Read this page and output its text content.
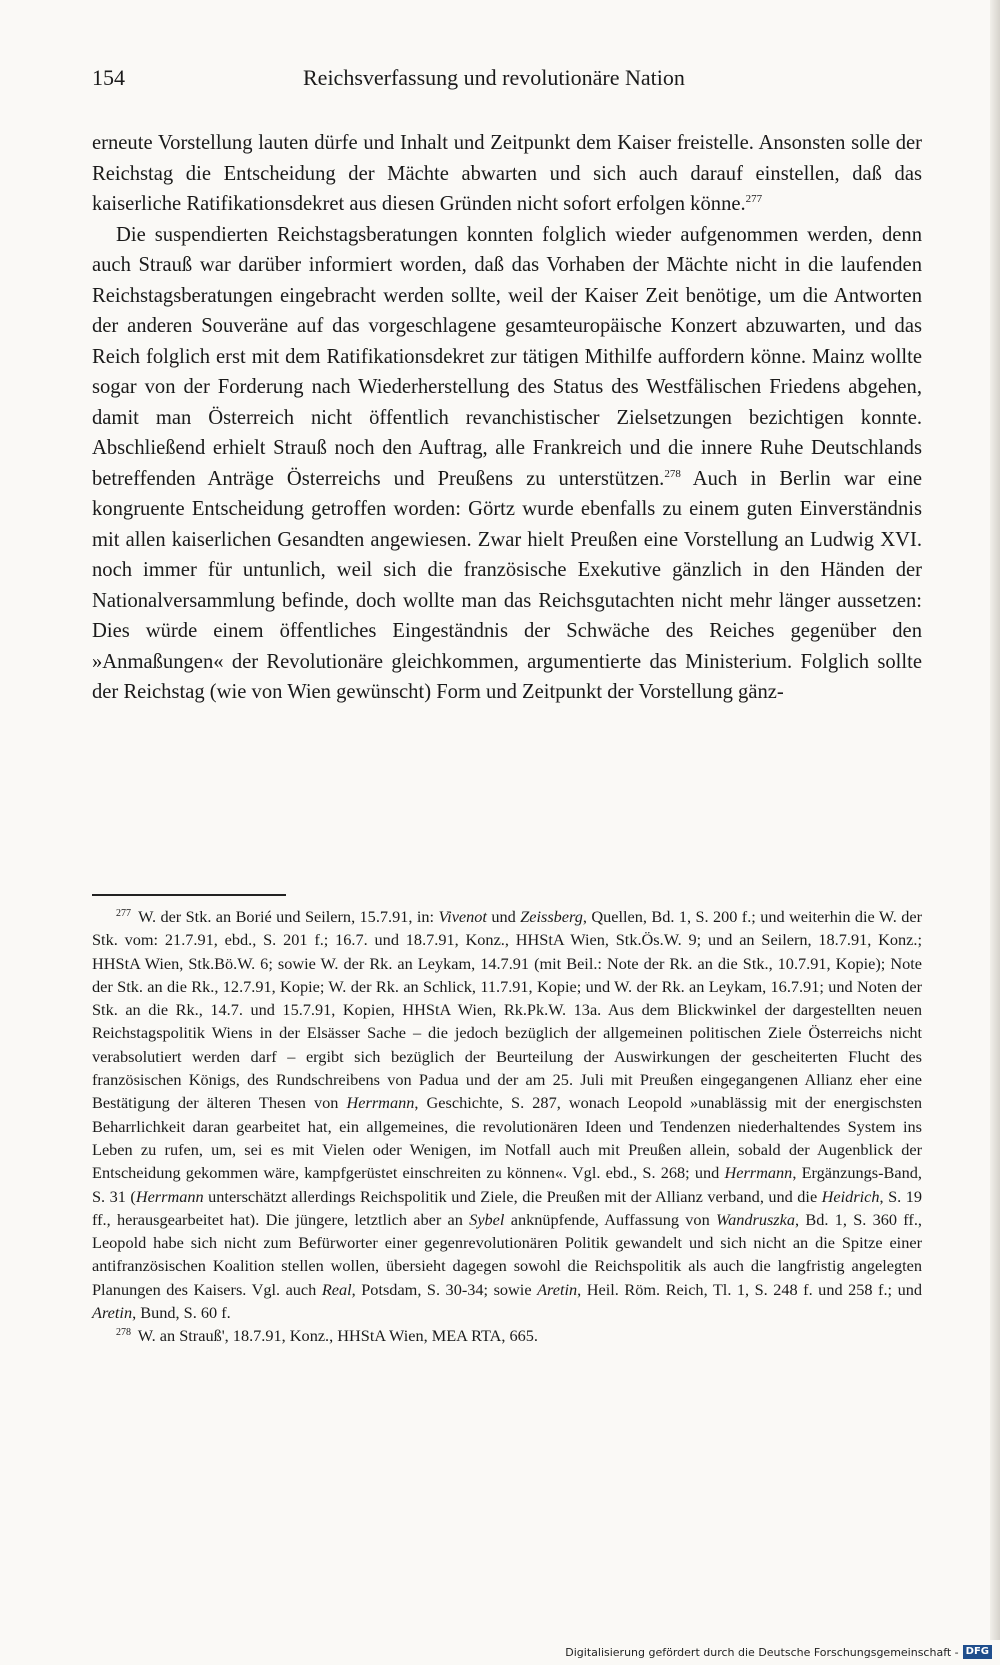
154	Reichsverfassung und revolutionäre Nation

erneute Vorstellung lauten dürfe und Inhalt und Zeitpunkt dem Kaiser freistelle. Ansonsten solle der Reichstag die Entscheidung der Mächte abwarten und sich auch darauf einstellen, daß das kaiserliche Ratifikationsdekret aus diesen Gründen nicht sofort erfolgen könne.$^{277}$

Die suspendierten Reichstagsberatungen konnten folglich wieder aufgenommen werden, denn auch Strauß war darüber informiert worden, daß das Vorhaben der Mächte nicht in die laufenden Reichstagsberatungen eingebracht werden sollte, weil der Kaiser Zeit benötige, um die Antworten der anderen Souveräne auf das vorgeschlagene gesamteuropäische Konzert abzuwarten, und das Reich folglich erst mit dem Ratifikationsdekret zur tätigen Mithilfe auffordern könne. Mainz wollte sogar von der Forderung nach Wiederherstellung des Status des Westfälischen Friedens abgehen, damit man Österreich nicht öffentlich revanchistischer Zielsetzungen bezichtigen konnte. Abschließend erhielt Strauß noch den Auftrag, alle Frankreich und die innere Ruhe Deutschlands betreffenden Anträge Österreichs und Preußens zu unterstützen.$^{278}$ Auch in Berlin war eine kongruente Entscheidung getroffen worden: Görtz wurde ebenfalls zu einem guten Einverständnis mit allen kaiserlichen Gesandten angewiesen. Zwar hielt Preußen eine Vorstellung an Ludwig XVI. noch immer für untunlich, weil sich die französische Exekutive gänzlich in den Händen der Nationalversammlung befinde, doch wollte man das Reichsgutachten nicht mehr länger aussetzen: Dies würde einem öffentliches Eingeständnis der Schwäche des Reiches gegenüber den »Anmaßungen« der Revolutionäre gleichkommen, argumentierte das Ministerium. Folglich sollte der Reichstag (wie von Wien gewünscht) Form und Zeitpunkt der Vorstellung gänz-

$^{277}$ W. der Stk. an Borié und Seilern, 15.7.91, in: Vivenot und Zeissberg, Quellen, Bd. 1, S. 200 f.; und weiterhin die W. der Stk. vom: 21.7.91, ebd., S. 201 f.; 16.7. und 18.7.91, Konz., HHStA Wien, Stk.Ös.W. 9; und an Seilern, 18.7.91, Konz.; HHStA Wien, Stk.Bö.W. 6; sowie W. der Rk. an Leykam, 14.7.91 (mit Beil.: Note der Rk. an die Stk., 10.7.91, Kopie); Note der Stk. an die Rk., 12.7.91, Kopie; W. der Rk. an Schlick, 11.7.91, Kopie; und W. der Rk. an Leykam, 16.7.91; und Noten der Stk. an die Rk., 14.7. und 15.7.91, Kopien, HHStA Wien, Rk.Pk.W. 13a. Aus dem Blickwinkel der dargestellten neuen Reichstagspolitik Wiens in der Elsässer Sache – die jedoch bezüglich der allgemeinen politischen Ziele Österreichs nicht verabsolutiert werden darf – ergibt sich bezüglich der Beurteilung der Auswirkungen der gescheiterten Flucht des französischen Königs, des Rundschreibens von Padua und der am 25. Juli mit Preußen eingegangenen Allianz eher eine Bestätigung der älteren Thesen von Herrmann, Geschichte, S. 287, wonach Leopold »unablässig mit der energischsten Beharrlichkeit daran gearbeitet hat, ein allgemeines, die revolutionären Ideen und Tendenzen niederhaltendes System ins Leben zu rufen, um, sei es mit Vielen oder Wenigen, im Notfall auch mit Preußen allein, sobald der Augenblick der Entscheidung gekommen wäre, kampfgerüstet einschreiten zu können«. Vgl. ebd., S. 268; und Herrmann, Ergänzungs-Band, S. 31 (Herrmann unterschätzt allerdings Reichspolitik und Ziele, die Preußen mit der Allianz verband, und die Heidrich, S. 19 ff., herausgearbeitet hat). Die jüngere, letztlich aber an Sybel anknüpfende, Auffassung von Wandruszka, Bd. 1, S. 360 ff., Leopold habe sich nicht zum Befürworter einer gegenrevolutionären Politik gewandelt und sich nicht an die Spitze einer antifranzösischen Koalition stellen wollen, übersieht dagegen sowohl die Reichspolitik als auch die langfristig angelegten Planungen des Kaisers. Vgl. auch Real, Potsdam, S. 30-34; sowie Aretin, Heil. Röm. Reich, Tl. 1, S. 248 f. und 258 f.; und Aretin, Bund, S. 60 f.

$^{278}$ W. an Strauß', 18.7.91, Konz., HHStA Wien, MEA RTA, 665.

Digitalisierung gefördert durch die Deutsche Forschungsgemeinschaft - DFG
